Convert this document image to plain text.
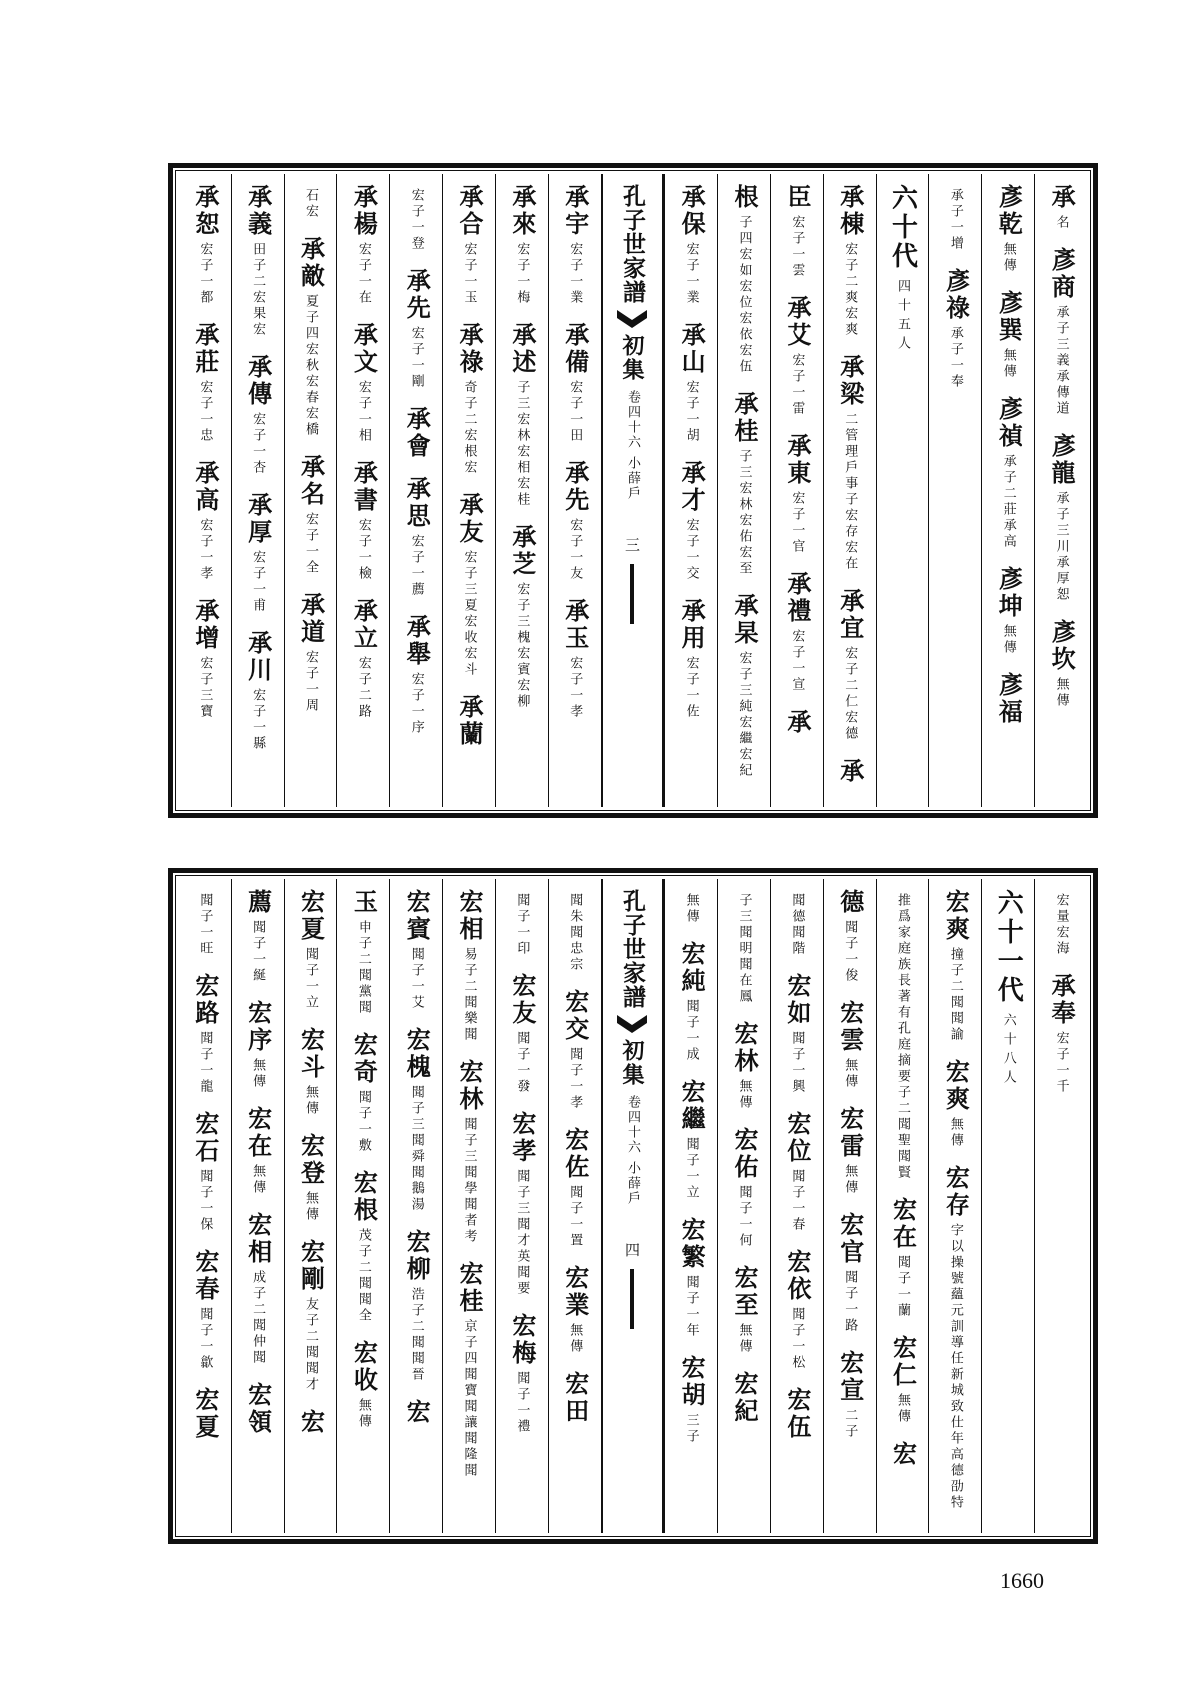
承
名
彥商
承子三義承傳道
彥龍
承子三川承厚恕
彥坎
無傳
彥乾
無傳
彥巽
無傳
彥禎
承子二莊承高
彥坤
無傳
彥福
承子一增
彥祿
承子一奉
六十代
四十五人
承棟
宏子二爽宏爽
承梁
二管理戶事子宏存宏在
承宜
宏子二仁宏德
承
臣
宏子一雲
承艾
宏子一雷
承東
宏子一官
承禮
宏子一宣
承
根
子四宏如宏位宏依宏伍
承桂
子三宏林宏佑宏至
承杲
宏子三純宏繼宏紀
承保
宏子一業
承山
宏子一胡
承才
宏子一交
承用
宏子一佐
孔子世家譜
初集
卷四十六 小薛戶
三
承宇
宏子一業
承備
宏子一田
承先
宏子一友
承玉
宏子一孝
承來
宏子一梅
承述
子三宏林宏相宏桂
承芝
宏子三槐宏賓宏柳
承合
宏子一玉
承祿
奇子二宏根宏
承友
宏子三夏宏收宏斗
承蘭
宏子一登
承先
宏子一剛
承會
承思
宏子一薦
承舉
宏子一序
承楊
宏子一在
承文
宏子一相
承書
宏子一檢
承立
宏子二路
石宏
承敵
夏子四宏秋宏春宏橋
承名
宏子一全
承道
宏子一周
承義
田子二宏果宏
承傳
宏子一杏
承厚
宏子一甫
承川
宏子一縣
承恕
宏子一都
承莊
宏子一忠
承高
宏子一孝
承增
宏子三寶
宏量宏海
承奉
宏子一千
六十一代
六十八人
宏爽
撞子二聞聞諭
宏爽
無傳
宏存
字以操號蘊元訓導任新城致仕年高德劭特
推爲家庭族長著有孔庭摘要子二聞聖聞賢
宏在
聞子一蘭
宏仁
無傳
宏
德
聞子一俊
宏雲
無傳
宏雷
無傳
宏官
聞子一路
宏宣
二子
聞德聞階
宏如
聞子一興
宏位
聞子一春
宏依
聞子一松
宏伍
子三聞明聞在鳳
宏林
無傳
宏佑
聞子一何
宏至
無傳
宏紀
無傳
宏純
聞子一成
宏繼
聞子一立
宏繁
聞子一年
宏胡
三子
孔子世家譜
初集
卷四十六 小薛戶
四
聞朱聞忠宗
宏交
聞子一孝
宏佐
聞子一置
宏業
無傳
宏田
聞子一印
宏友
聞子一發
宏孝
聞子三聞才英聞要
宏梅
聞子一禮
宏相
易子二聞樂聞
宏林
聞子三聞學聞者考
宏桂
京子四聞寶聞讓聞隆聞
宏賓
聞子一艾
宏槐
聞子三聞舜聞鵝湯
宏柳
浩子二聞聞晉
宏
玉
申子二聞黨聞
宏奇
聞子一敷
宏根
茂子二聞聞全
宏收
無傳
宏夏
聞子一立
宏斗
無傳
宏登
無傳
宏剛
友子二聞聞才
宏
薦
聞子一綖
宏序
無傳
宏在
無傳
宏相
成子二聞仲聞
宏領
聞子一旺
宏路
聞子一龍
宏石
聞子一保
宏春
聞子一歙
宏夏
1660
